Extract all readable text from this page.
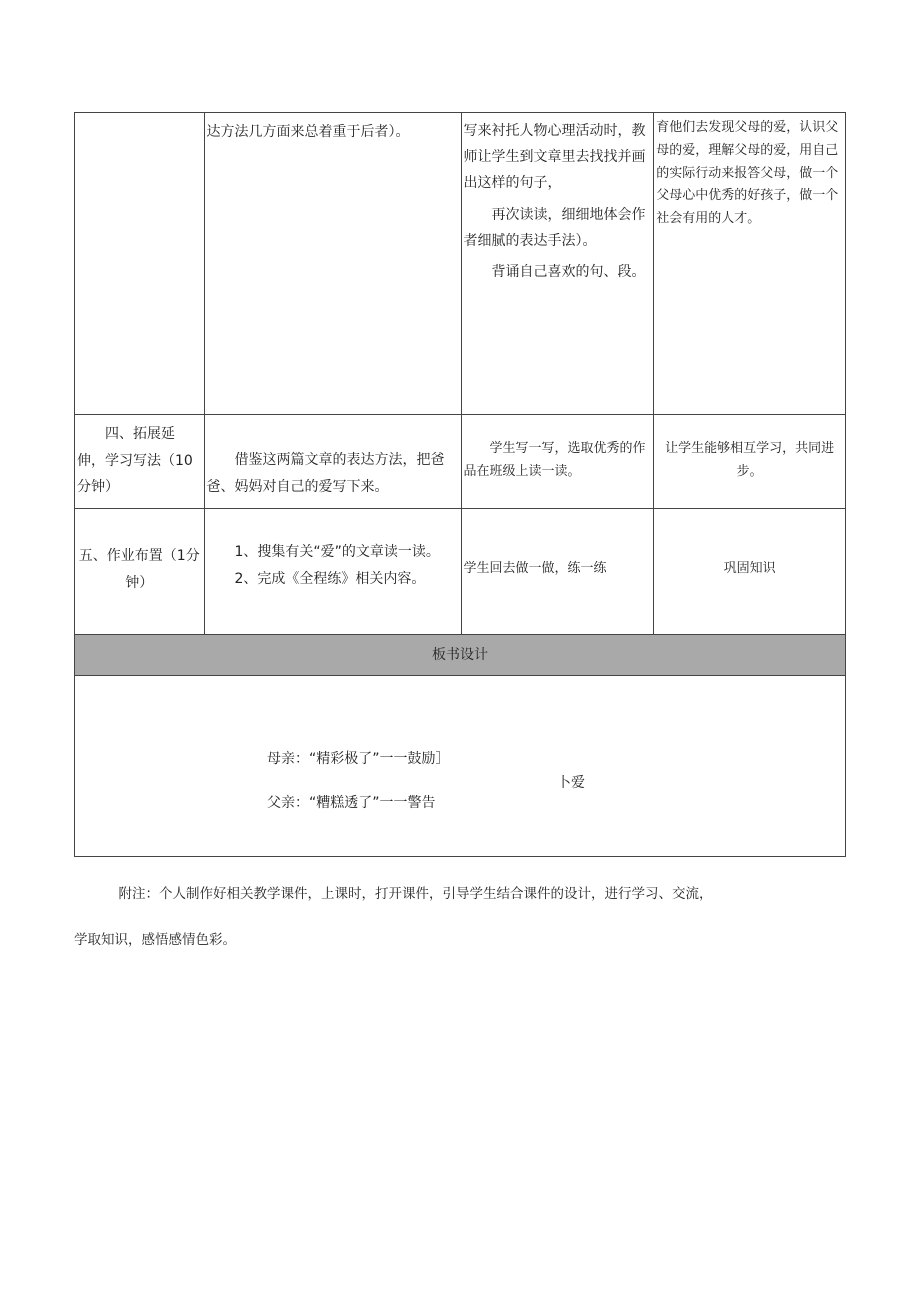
	达方法几方面来总着重于后者）。	写来衬托人物心理活动时，教师让学生到文章里去找找并画出这样的句子，

再次读读，细细地体会作者细腻的表达手法）。

背诵自己喜欢的句、段。	育他们去发现父母的爱，认识父母的爱，理解父母的爱，用自己的实际行动来报答父母，做一个父母心中优秀的好孩子，做一个社会有用的人才。

四、拓展延伸，学习写法（10分钟）	借鉴这两篇文章的表达方法，把爸爸、妈妈对自己的爱写下来。	学生写一写，选取优秀的作品在班级上读一读。	让学生能够相互学习，共同进步。

五、作业布置（1分钟）	1、搜集有关“爱”的文章读一读。

2、完成《全程练》相关内容。	学生回去做一做，练一练	巩固知识

板书设计			

母亲：“精彩极了”一一鼓励］
卜爱
父亲：“糟糕透了”一一警告			

附注：个人制作好相关教学课件，上课时，打开课件，引导学生结合课件的设计，进行学习、交流，

学取知识，感悟感情色彩。
